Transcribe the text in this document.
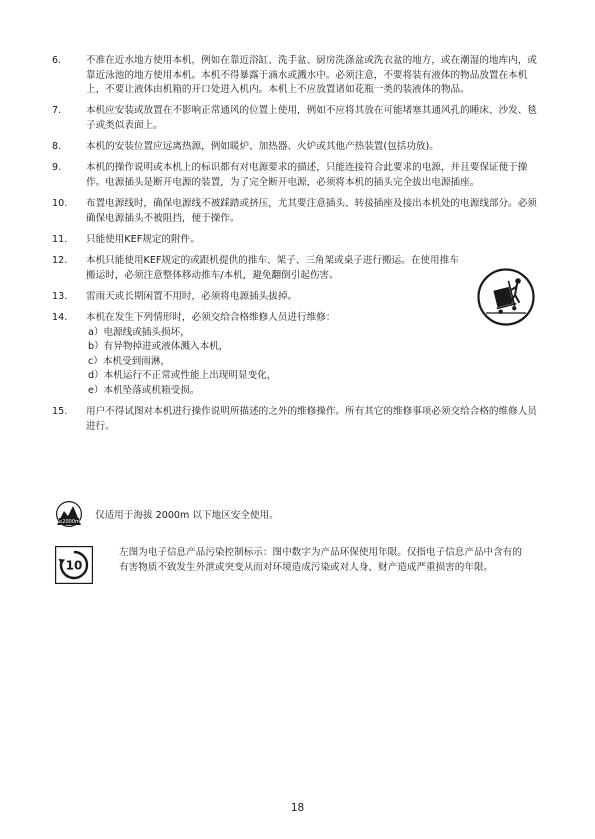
6.	不准在近水地方使用本机，例如在靠近浴缸、洗手盆、厨房洗涤盆或洗衣盆的地方，或在潮湿的地库内，或靠近泳池的地方使用本机。本机不得暴露于滴水或溅水中。必须注意，不要将装有液体的物品放置在本机上，不要让液体由机箱的开口处进入机内。本机上不应放置诸如花瓶一类的装液体的物品。

7.	本机应安装或放置在不影响正常通风的位置上使用，例如不应将其放在可能堵塞其通风孔的睡床、沙发、毯子或类似表面上。

8.	本机的安装位置应远离热源，例如暖炉、加热器、火炉或其他产热装置(包括功放)。

9.	本机的操作说明或本机上的标识都有对电源要求的描述，只能连接符合此要求的电源，并且要保证便于操作。电源插头是断开电源的装置，为了完全断开电源，必须将本机的插头完全拔出电源插座。

10.	布置电源线时，确保电源线不被踩踏或挤压，尤其要注意插头、转接插座及接出本机处的电源线部分。必须确保电源插头不被阻挡，便于操作。

11.	只能使用KEF规定的附件。

12.	本机只能使用KEF规定的或跟机提供的推车、架子、三角架或桌子进行搬运。在使用推车搬运时，必须注意整体移动推车/本机，避免翻倒引起伤害。

13.	雷雨天或长期闲置不用时，必须将电源插头拔掉。

14.	本机在发生下列情形时，必须交给合格维修人员进行维修：

a）电源线或插头损坏，

b）有异物掉进或液体溅入本机，

c）本机受到雨淋，

d）本机运行不正常或性能上出现明显变化，

e）本机坠落或机箱受损。

15.	用户不得试图对本机进行操作说明所描述的之外的维修操作。所有其它的维修事项必须交给合格的维修人员进行。

≤2000m
仅适用于海拔 2000m 以下地区安全使用。
10
左图为电子信息产品污染控制标示：图中数字为产品环保使用年限。仅指电子信息产品中含有的有害物质不致发生外泄或突变从而对环境造成污染或对人身、财产造成严重损害的年限。
18
